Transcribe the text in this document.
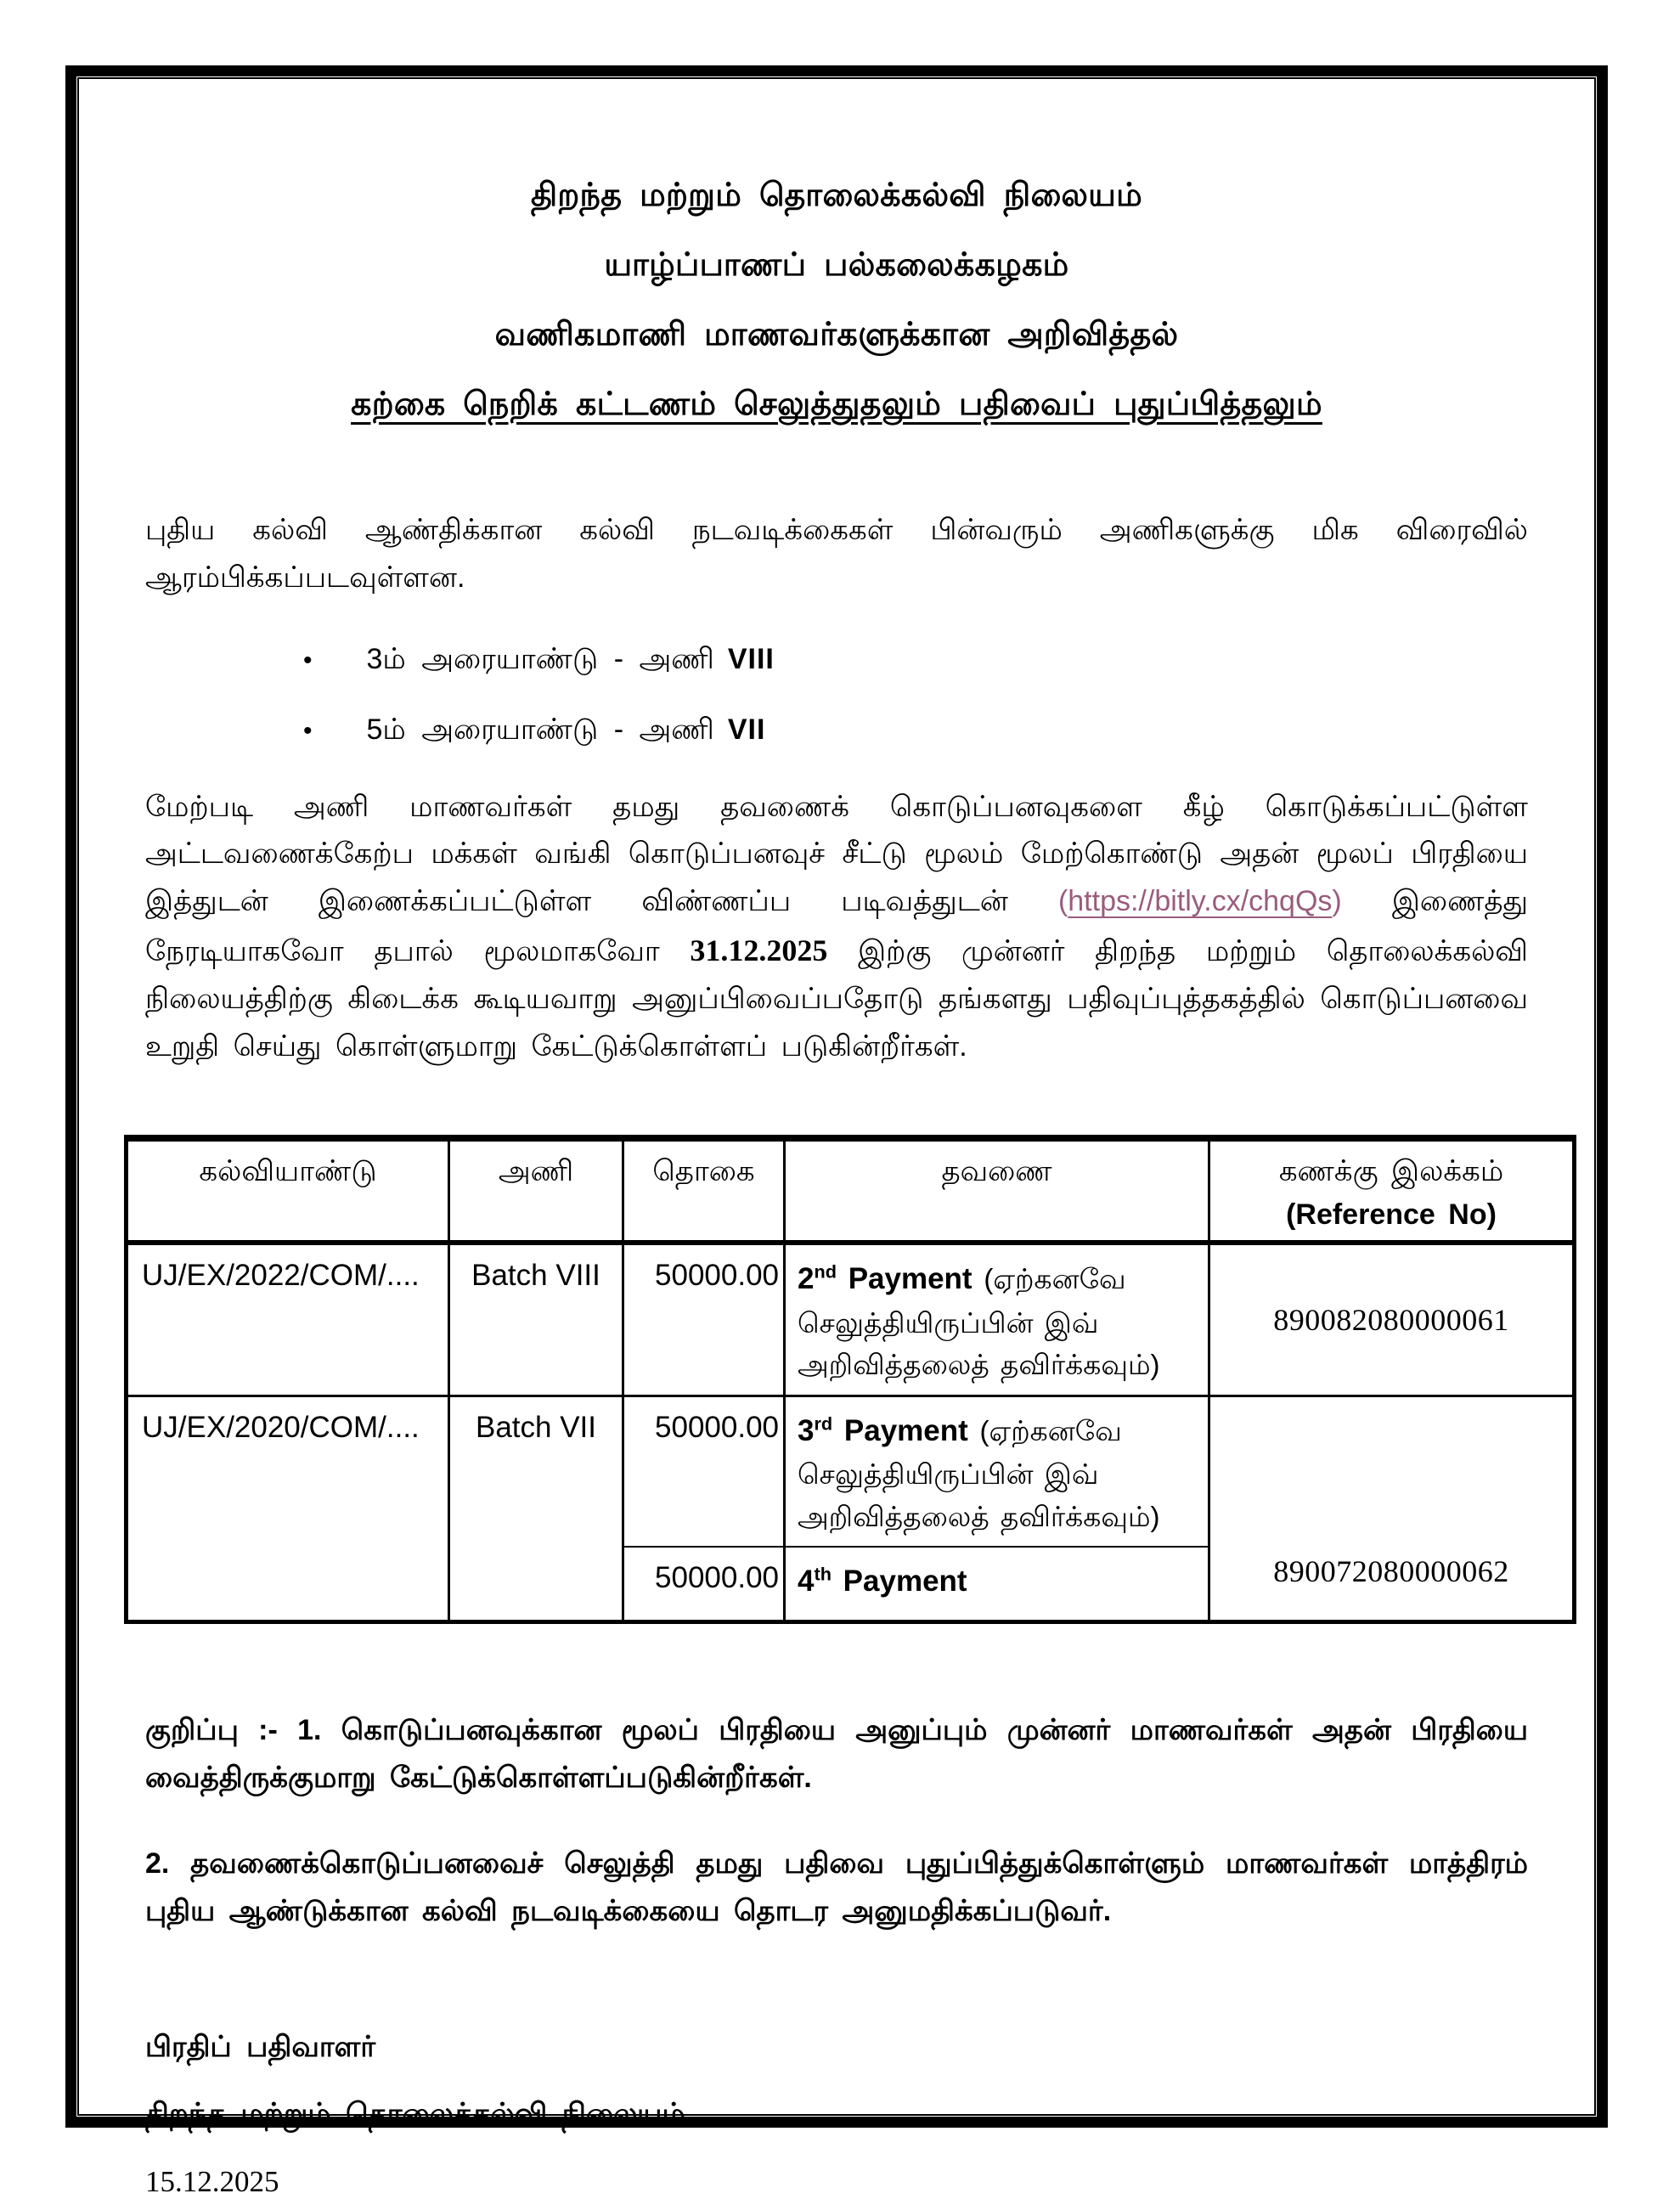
திறந்த மற்றும் தொலைக்கல்வி நிலையம்
யாழ்ப்பாணப் பல்கலைக்கழகம்
வணிகமாணி மாணவர்களுக்கான அறிவித்தல்
கற்கை நெறிக் கட்டணம் செலுத்துதலும் பதிவைப் புதுப்பித்தலும்

புதிய கல்வி ஆண்திக்கான கல்வி நடவடிக்கைகள் பின்வரும் அணிகளுக்கு மிக விரைவில் ஆரம்பிக்கப்படவுள்ளன.

• 3ம் அரையாண்டு - அணி VIII
• 5ம் அரையாண்டு - அணி VII

மேற்படி அணி மாணவர்கள் தமது தவணைக் கொடுப்பனவுகளை கீழ் கொடுக்கப்பட்டுள்ள அட்டவணைக்கேற்ப மக்கள் வங்கி கொடுப்பனவுச் சீட்டு மூலம் மேற்கொண்டு அதன் மூலப் பிரதியை இத்துடன் இணைக்கப்பட்டுள்ள விண்ணப்ப படிவத்துடன் (https://bitly.cx/chqQs) இணைத்து நேரடியாகவோ தபால் மூலமாகவோ 31.12.2025 இற்கு முன்னர் திறந்த மற்றும் தொலைக்கல்வி நிலையத்திற்கு கிடைக்க கூடியவாறு அனுப்பிவைப்பதோடு தங்களது பதிவுப்புத்தகத்தில் கொடுப்பனவை உறுதி செய்து கொள்ளுமாறு கேட்டுக்கொள்ளப் படுகின்றீர்கள்.

கல்வியாண்டு	அணி	தொகை	தவணை	கணக்கு இலக்கம்
(Reference No)

UJ/EX/2022/COM/....	Batch VIII	50000.00	2nd Payment (ஏற்கனவே செலுத்தியிருப்பின் இவ் அறிவித்தலைத் தவிர்க்கவும்)	890082080000061
UJ/EX/2020/COM/....	Batch VII	50000.00	3rd Payment (ஏற்கனவே செலுத்தியிருப்பின் இவ் அறிவித்தலைத் தவிர்க்கவும்)	890072080000062
		50000.00	4th Payment	

குறிப்பு :- 1. கொடுப்பனவுக்கான மூலப் பிரதியை அனுப்பும் முன்னர் மாணவர்கள் அதன் பிரதியை வைத்திருக்குமாறு கேட்டுக்கொள்ளப்படுகின்றீர்கள்.

2. தவணைக்கொடுப்பனவைச் செலுத்தி தமது பதிவை புதுப்பித்துக்கொள்ளும் மாணவர்கள் மாத்திரம் புதிய ஆண்டுக்கான கல்வி நடவடிக்கையை தொடர அனுமதிக்கப்படுவர்.

பிரதிப் பதிவாளர்

திறந்த மற்றும் தொலைக்கல்வி நிலையம்

15.12.2025
